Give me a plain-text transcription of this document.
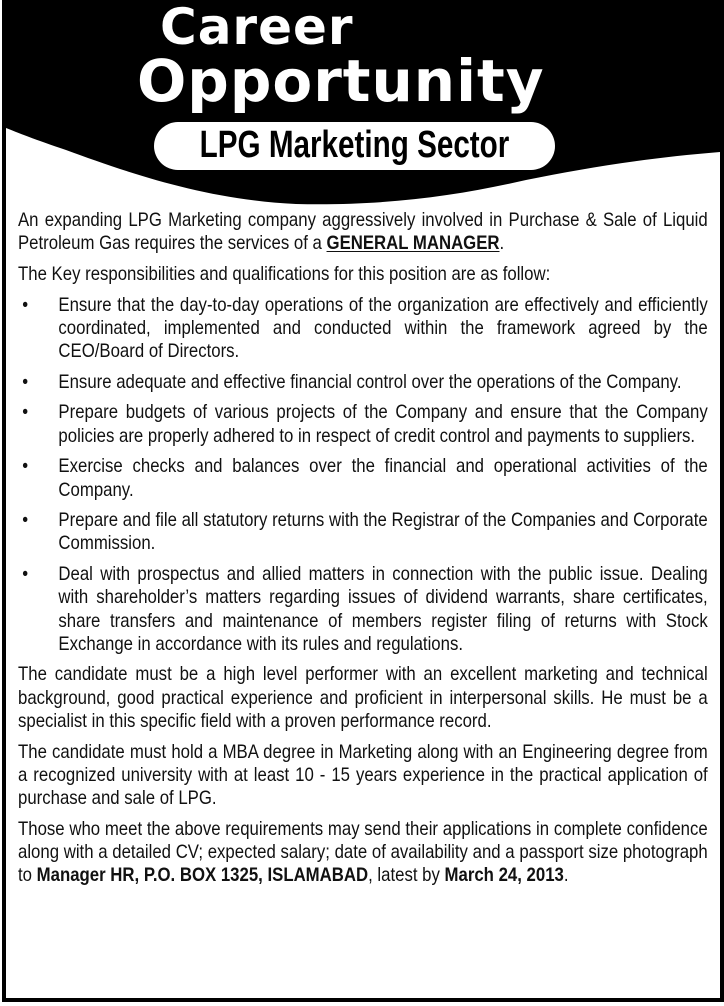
Career
Opportunity
LPG Marketing Sector

An expanding LPG Marketing company aggressively involved in Purchase & Sale of Liquid Petroleum Gas requires the services of a GENERAL MANAGER.

The Key responsibilities and qualifications for this position are as follow:

• Ensure that the day-to-day operations of the organization are effectively and efficiently coordinated, implemented and conducted within the framework agreed by the CEO/Board of Directors.
• Ensure adequate and effective financial control over the operations of the Company.
• Prepare budgets of various projects of the Company and ensure that the Company policies are properly adhered to in respect of credit control and payments to suppliers.
• Exercise checks and balances over the financial and operational activities of the Company.
• Prepare and file all statutory returns with the Registrar of the Companies and Corporate Commission.
• Deal with prospectus and allied matters in connection with the public issue. Dealing with shareholder’s matters regarding issues of dividend warrants, share certificates, share transfers and maintenance of members register filing of returns with Stock Exchange in accordance with its rules and regulations.

The candidate must be a high level performer with an excellent marketing and technical background, good practical experience and proficient in interpersonal skills. He must be a specialist in this specific field with a proven performance record.

The candidate must hold a MBA degree in Marketing along with an Engineering degree from a recognized university with at least 10 - 15 years experience in the practical application of purchase and sale of LPG.

Those who meet the above requirements may send their applications in complete confidence along with a detailed CV; expected salary; date of availability and a passport size photograph to Manager HR, P.O. BOX 1325, ISLAMABAD, latest by March 24, 2013.
